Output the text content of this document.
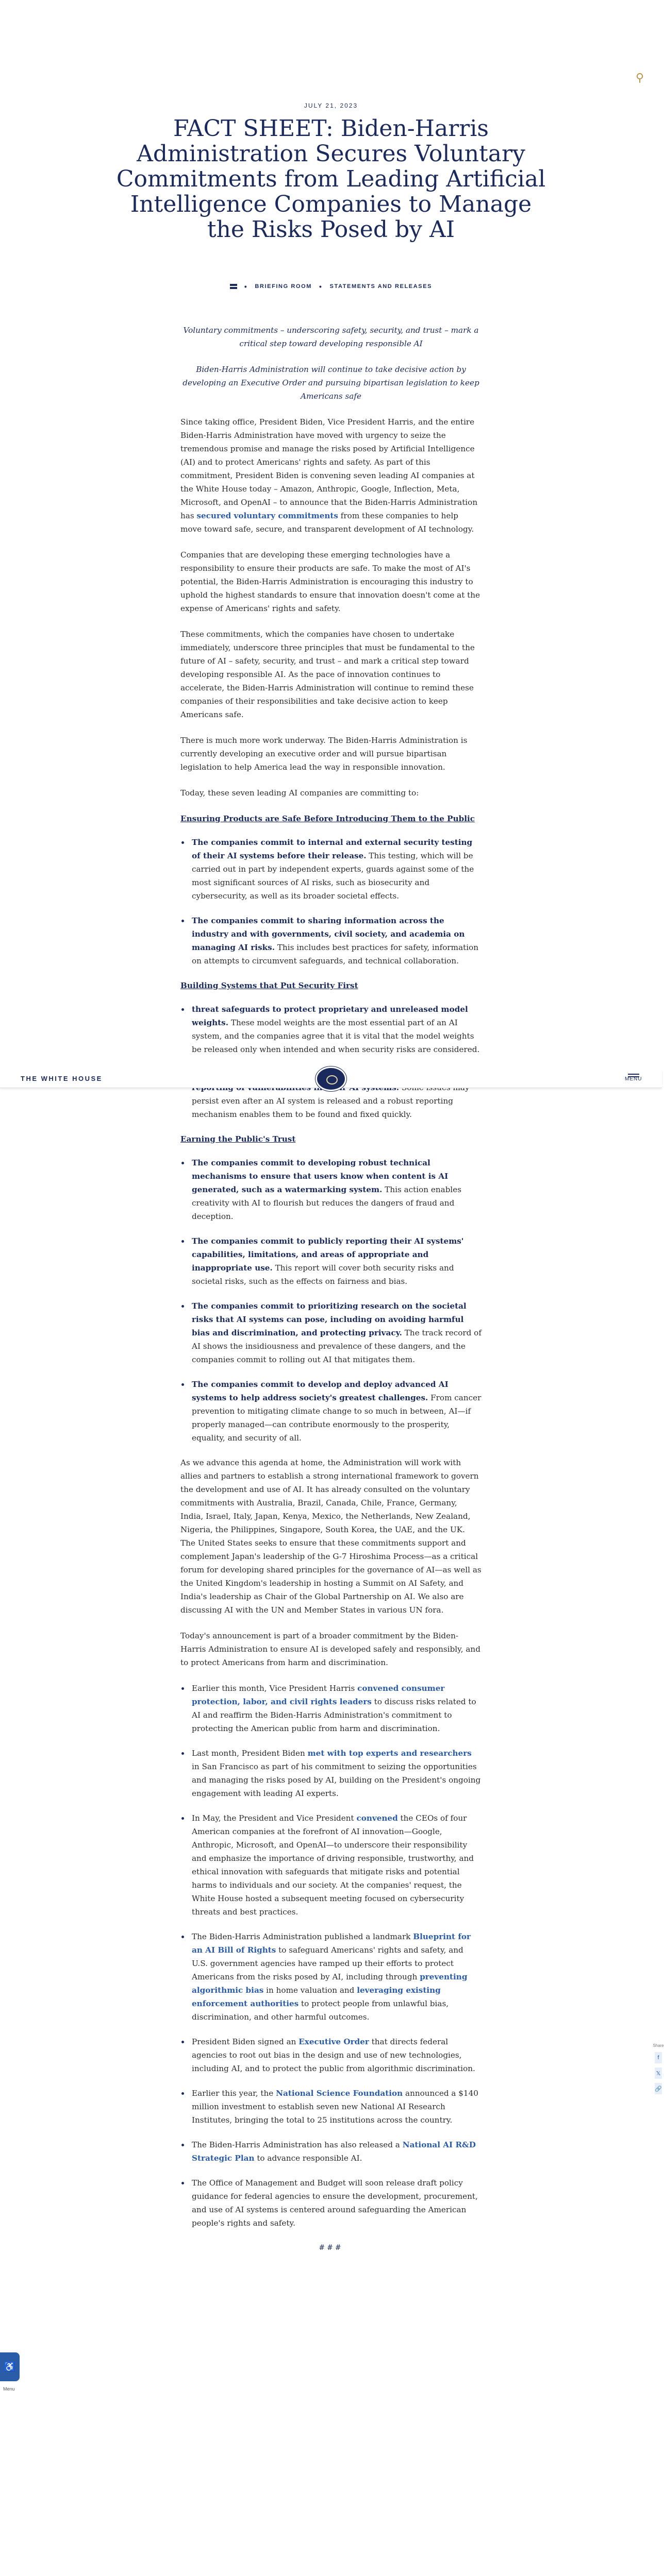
⚲
JULY 21, 2023
FACT SHEET: Biden-Harris Administration Secures Voluntary Commitments from Leading Artificial Intelligence Companies to Manage the Risks Posed by AI
• BRIEFING ROOM • STATEMENTS AND RELEASES

Voluntary commitments – underscoring safety, security, and trust – mark a critical step toward developing responsible AI

Biden-Harris Administration will continue to take decisive action by developing an Executive Order and pursuing bipartisan legislation to keep Americans safe

Since taking office, President Biden, Vice President Harris, and the entire Biden-Harris Administration have moved with urgency to seize the tremendous promise and manage the risks posed by Artificial Intelligence (AI) and to protect Americans' rights and safety. As part of this commitment, President Biden is convening seven leading AI companies at the White House today – Amazon, Anthropic, Google, Inflection, Meta, Microsoft, and OpenAI – to announce that the Biden-Harris Administration has secured voluntary commitments from these companies to help move toward safe, secure, and transparent development of AI technology.

Companies that are developing these emerging technologies have a responsibility to ensure their products are safe. To make the most of AI's potential, the Biden-Harris Administration is encouraging this industry to uphold the highest standards to ensure that innovation doesn't come at the expense of Americans' rights and safety.

These commitments, which the companies have chosen to undertake immediately, underscore three principles that must be fundamental to the future of AI – safety, security, and trust – and mark a critical step toward developing responsible AI. As the pace of innovation continues to accelerate, the Biden-Harris Administration will continue to remind these companies of their responsibilities and take decisive action to keep Americans safe.

There is much more work underway. The Biden-Harris Administration is currently developing an executive order and will pursue bipartisan legislation to help America lead the way in responsible innovation.

Today, these seven leading AI companies are committing to:

Ensuring Products are Safe Before Introducing Them to the Public
The companies commit to internal and external security testing of their AI systems before their release. This testing, which will be carried out in part by independent experts, guards against some of the most significant sources of AI risks, such as biosecurity and cybersecurity, as well as its broader societal effects.
The companies commit to sharing information across the industry and with governments, civil society, and academia on managing AI risks. This includes best practices for safety, information on attempts to circumvent safeguards, and technical collaboration.
Building Systems that Put Security First
threat safeguards to protect proprietary and unreleased model weights. These model weights are the most essential part of an AI system, and the companies agree that it is vital that the model weights be released only when intended and when security risks are considered.
persist even after an AI system is released and a robust reporting mechanism enables them to be found and fixed quickly.
Earning the Public's Trust
The companies commit to developing robust technical mechanisms to ensure that users know when content is AI generated, such as a watermarking system. This action enables creativity with AI to flourish but reduces the dangers of fraud and deception.
The companies commit to publicly reporting their AI systems' capabilities, limitations, and areas of appropriate and inappropriate use. This report will cover both security risks and societal risks, such as the effects on fairness and bias.
The companies commit to prioritizing research on the societal risks that AI systems can pose, including on avoiding harmful bias and discrimination, and protecting privacy. The track record of AI shows the insidiousness and prevalence of these dangers, and the companies commit to rolling out AI that mitigates them.
The companies commit to develop and deploy advanced AI systems to help address society's greatest challenges. From cancer prevention to mitigating climate change to so much in between, AI—if properly managed—can contribute enormously to the prosperity, equality, and security of all.

As we advance this agenda at home, the Administration will work with allies and partners to establish a strong international framework to govern the development and use of AI. It has already consulted on the voluntary commitments with Australia, Brazil, Canada, Chile, France, Germany, India, Israel, Italy, Japan, Kenya, Mexico, the Netherlands, New Zealand, Nigeria, the Philippines, Singapore, South Korea, the UAE, and the UK. The United States seeks to ensure that these commitments support and complement Japan's leadership of the G-7 Hiroshima Process—as a critical forum for developing shared principles for the governance of AI—as well as the United Kingdom's leadership in hosting a Summit on AI Safety, and India's leadership as Chair of the Global Partnership on AI. We also are discussing AI with the UN and Member States in various UN fora.

Today's announcement is part of a broader commitment by the Biden-Harris Administration to ensure AI is developed safely and responsibly, and to protect Americans from harm and discrimination.

Earlier this month, Vice President Harris convened consumer protection, labor, and civil rights leaders to discuss risks related to AI and reaffirm the Biden-Harris Administration's commitment to protecting the American public from harm and discrimination.
Last month, President Biden met with top experts and researchers in San Francisco as part of his commitment to seizing the opportunities and managing the risks posed by AI, building on the President's ongoing engagement with leading AI experts.
In May, the President and Vice President convened the CEOs of four American companies at the forefront of AI innovation—Google, Anthropic, Microsoft, and OpenAI—to underscore their responsibility and emphasize the importance of driving responsible, trustworthy, and ethical innovation with safeguards that mitigate risks and potential harms to individuals and our society. At the companies' request, the White House hosted a subsequent meeting focused on cybersecurity threats and best practices.
The Biden-Harris Administration published a landmark Blueprint for an AI Bill of Rights to safeguard Americans' rights and safety, and U.S. government agencies have ramped up their efforts to protect Americans from the risks posed by AI, including through preventing algorithmic bias in home valuation and leveraging existing enforcement authorities to protect people from unlawful bias, discrimination, and other harmful outcomes.
President Biden signed an Executive Order that directs federal agencies to root out bias in the design and use of new technologies, including AI, and to protect the public from algorithmic discrimination.
Earlier this year, the National Science Foundation announced a $140 million investment to establish seven new National AI Research Institutes, bringing the total to 25 institutions across the country.
The Biden-Harris Administration has also released a National AI R&D Strategic Plan to advance responsible AI.
The Office of Management and Budget will soon release draft policy guidance for federal agencies to ensure the development, procurement, and use of AI systems is centered around safeguarding the American people's rights and safety.
###
THE WHITE HOUSE	MENU
Share
f
𝕏
🔗
♿
Menu
